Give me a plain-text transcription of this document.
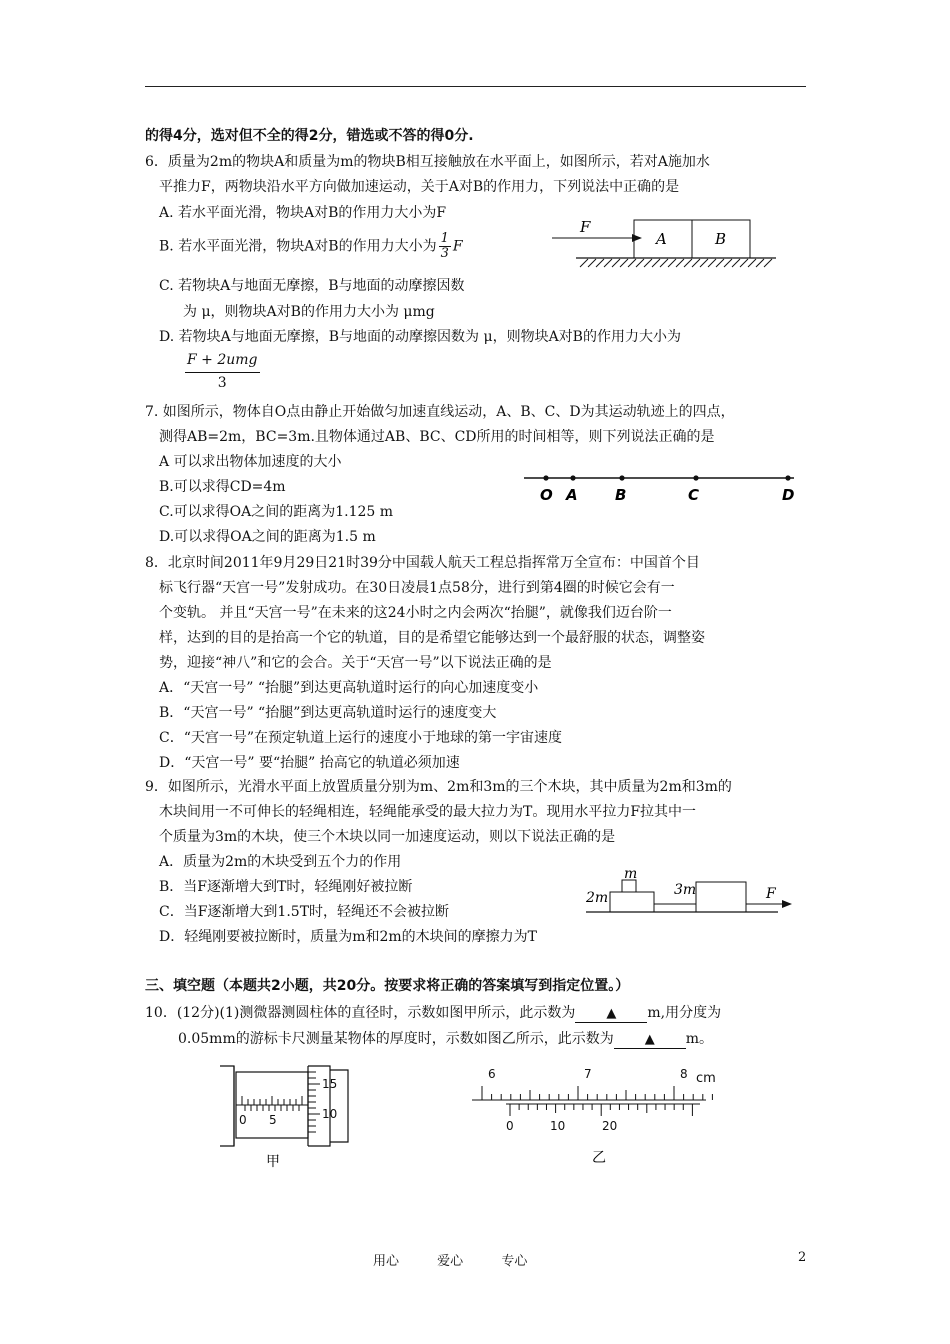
的得4分，选对但不全的得2分，错选或不答的得0分.
6．质量为2m的物块A和质量为m的物块B相互接触放在水平面上，如图所示，若对A施加水
平推力F，两物块沿水平方向做加速运动，关于A对B的作用力，下列说法中正确的是
A. 若水平面光滑，物块A对B的作用力大小为F
B. 若水平面光滑，物块A对B的作用力大小为 $\frac{1}{3}$ F
C. 若物块A与地面无摩擦，B与地面的动摩擦因数
为 μ，则物块A对B的作用力大小为 μmg
D. 若物块A与地面无摩擦，B与地面的动摩擦因数为 μ，则物块A对B的作用力大小为
$\frac{\text{F + 2umg}}{3}$
F
A	B
7. 如图所示，物体自O点由静止开始做匀加速直线运动，A、B、C、D为其运动轨迹上的四点，
测得AB=2m，BC=3m.且物体通过AB、BC、CD所用的时间相等，则下列说法正确的是
A 可以求出物体加速度的大小
B.可以求得CD=4m
C.可以求得OA之间的距离为1.125 m
D.可以求得OA之间的距离为1.5 m
O A B	C	D
8．北京时间2011年9月29日21时39分中国载人航天工程总指挥常万全宣布：中国首个目
标飞行器“天宫一号”发射成功。在30日凌晨1点58分，进行到第4圈的时候它会有一
个变轨。 并且“天宫一号”在未来的这24小时之内会两次“抬腿”，就像我们迈台阶一
样，达到的目的是抬高一个它的轨道，目的是希望它能够达到一个最舒服的状态，调整姿
势，迎接“神八”和它的会合。关于“天宫一号”以下说法正确的是
A．“天宫一号” “抬腿”到达更高轨道时运行的向心加速度变小
B．“天宫一号” “抬腿”到达更高轨道时运行的速度变大
C．“天宫一号”在预定轨道上运行的速度小于地球的第一宇宙速度
D．“天宫一号” 要“抬腿” 抬高它的轨道必须加速
9．如图所示，光滑水平面上放置质量分别为m、2m和3m的三个木块，其中质量为2m和3m的
木块间用一不可伸长的轻绳相连，轻绳能承受的最大拉力为T。现用水平拉力F拉其中一
个质量为3m的木块，使三个木块以同一加速度运动，则以下说法正确的是
A．质量为2m的木块受到五个力的作用
B．当F逐渐增大到T时，轻绳刚好被拉断
C．当F逐渐增大到1.5T时，轻绳还不会被拉断
D．轻绳刚要被拉断时，质量为m和2m的木块间的摩擦力为T
m
2m	3m	F
三、填空题（本题共2小题，共20分。按要求将正确的答案填写到指定位置。）
10．(12分)(1)测微器测圆柱体的直径时，示数如图甲所示，此示数为 ▲ m,用分度为
0.05mm的游标卡尺测量某物体的厚度时，示数如图乙所示，此示数为 ▲ m。
15
10
0 5
甲
6	7	8 cm
0	10	20
乙
用心	爱心	专心	2
